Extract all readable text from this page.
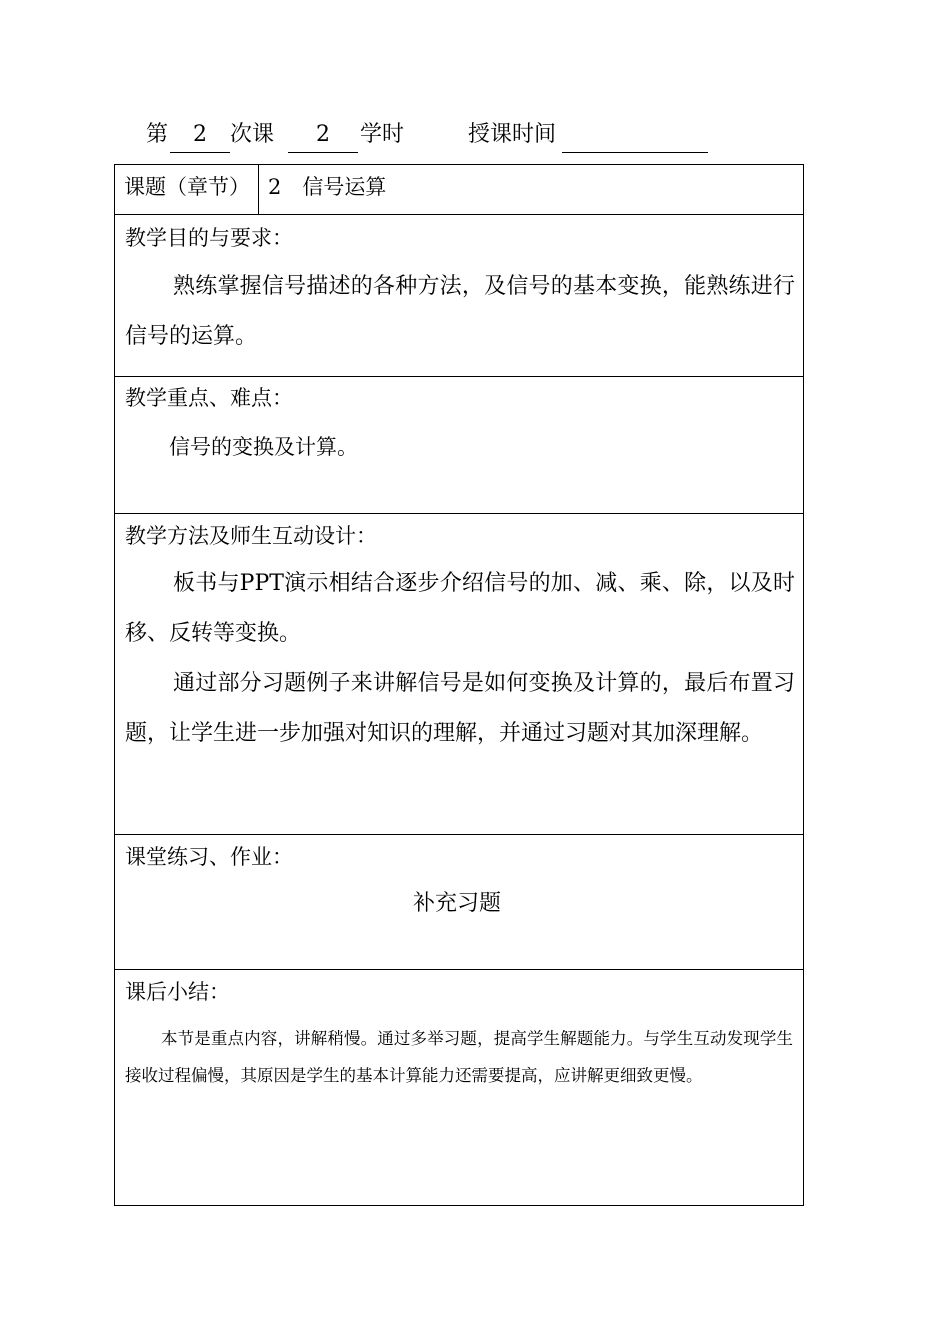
第	2	次课	2	学时	授课时间
课题（章节） 2　信号运算
教学目的与要求：
熟练掌握信号描述的各种方法，及信号的基本变换，能熟练进行信号的运算。
教学重点、难点：
信号的变换及计算。
教学方法及师生互动设计：
板书与PPT演示相结合逐步介绍信号的加、减、乘、除，以及时移、反转等变换。
通过部分习题例子来讲解信号是如何变换及计算的，最后布置习题，让学生进一步加强对知识的理解，并通过习题对其加深理解。
课堂练习、作业：
补充习题
课后小结：
本节是重点内容，讲解稍慢。通过多举习题，提高学生解题能力。与学生互动发现学生接收过程偏慢，其原因是学生的基本计算能力还需要提高，应讲解更细致更慢。
